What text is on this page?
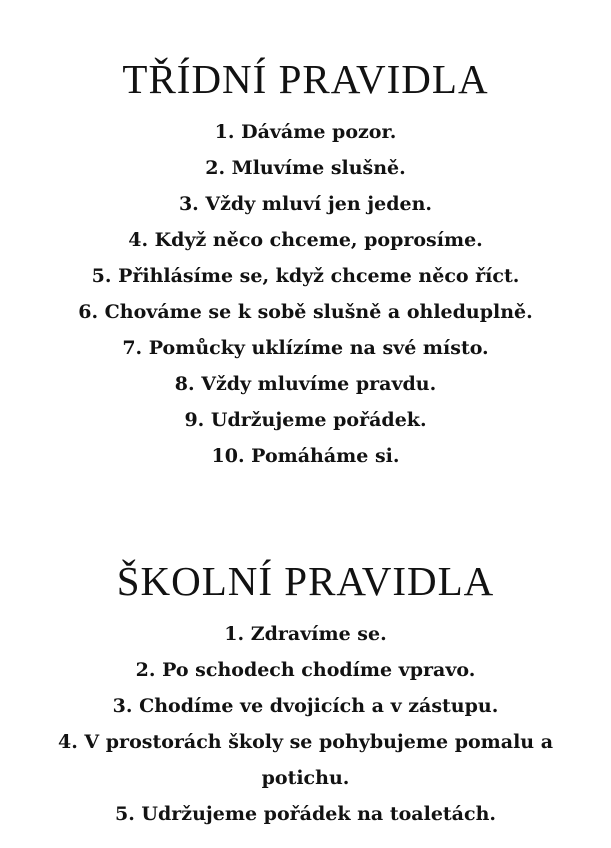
TŘÍDNÍ PRAVIDLA
1. Dáváme pozor.
2. Mluvíme slušně.
3. Vždy mluví jen jeden.
4. Když něco chceme, poprosíme.
5. Přihlásíme se, když chceme něco říct.
6. Chováme se k sobě slušně a ohleduplně.
7. Pomůcky uklízíme na své místo.
8. Vždy mluvíme pravdu.
9. Udržujeme pořádek.
10. Pomáháme si.
ŠKOLNÍ PRAVIDLA
1. Zdravíme se.
2. Po schodech chodíme vpravo.
3. Chodíme ve dvojicích a v zástupu.
4. V prostorách školy se pohybujeme pomalu a potichu.
5. Udržujeme pořádek na toaletách.
